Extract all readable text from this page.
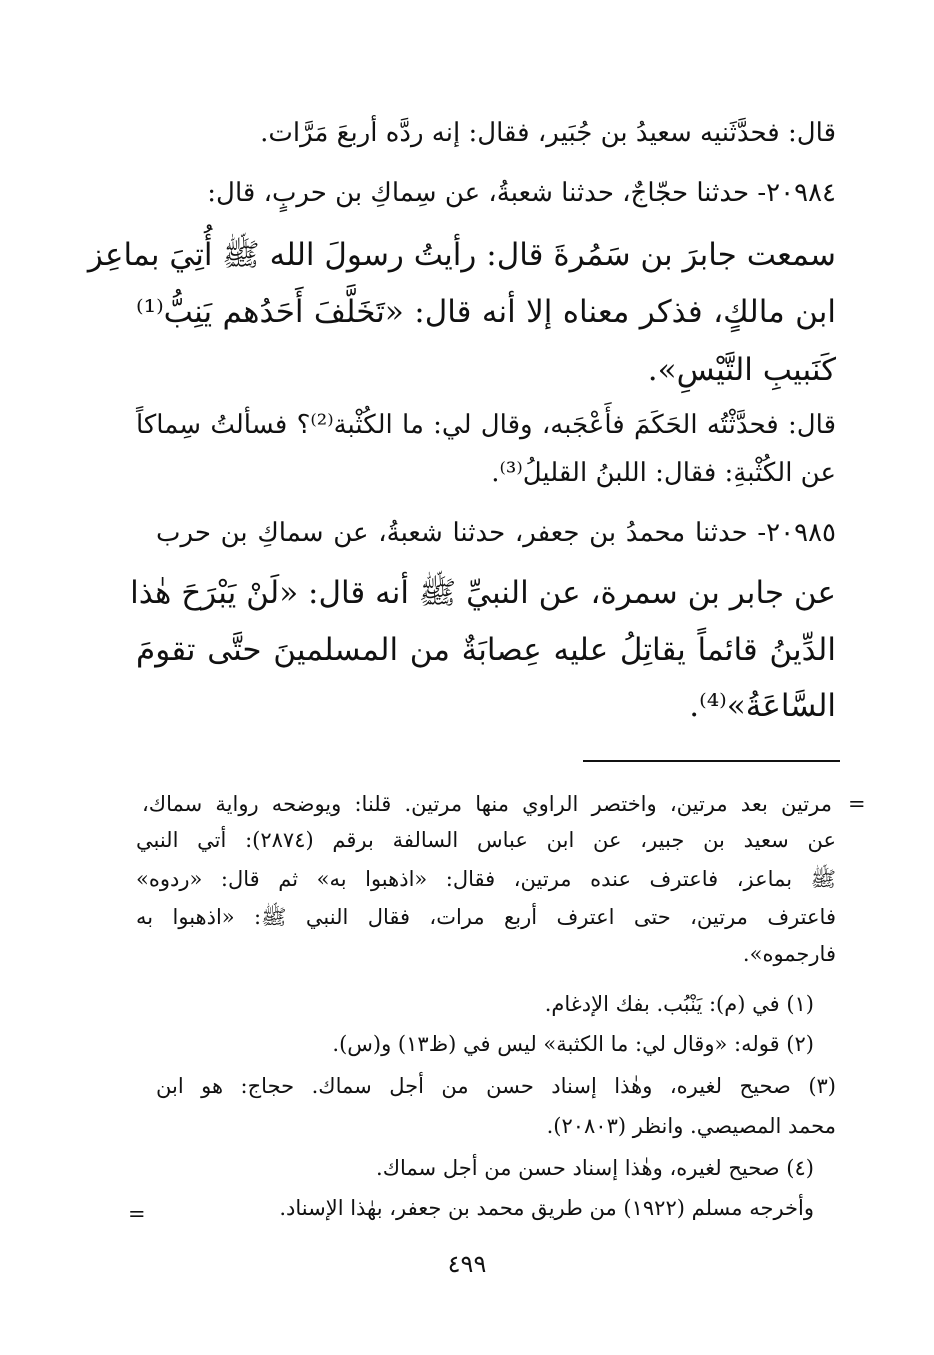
قال: فحدَّثَنيه سعيدُ بن جُبَير، فقال: إنه ردَّه أربعَ مَرَّات.
٢٠٩٨٤- حدثنا حجّاجٌ، حدثنا شعبةُ، عن سِماكِ بن حربٍ، قال:
سمعت جابرَ بن سَمُرةَ قال: رأيتُ رسولَ الله ﷺ أُتِيَ بماعِز
ابن مالكٍ، فذكر معناه إلا أنه قال: «تَخَلَّفَ أَحَدُهم يَنِبُّ⁽¹⁾
كَنَبيبِ التَّيْسِ».
قال: فحدَّثْتُه الحَكَمَ فأَعْجَبه، وقال لي: ما الكُثْبة⁽²⁾؟ فسألتُ سِماكاً
عن الكُثْبةِ: فقال: اللبنُ القليلُ⁽³⁾.
٢٠٩٨٥- حدثنا محمدُ بن جعفر، حدثنا شعبةُ، عن سماكِ بن حرب
عن جابر بن سمرة، عن النبيِّ ﷺ أنه قال: «لَنْ يَبْرَحَ هٰذا
الدِّينُ قائماً يقاتِلُ عليه عِصابَةٌ من المسلمينَ حتَّى تقومَ
السَّاعَةُ»⁽⁴⁾.
=
مرتين بعد مرتين، واختصر الراوي منها مرتين. قلنا: ويوضحه رواية سماك،
عن سعيد بن جبير، عن ابن عباس السالفة برقم (٢٨٧٤): أتي النبي
ﷺ بماعز، فاعترف عنده مرتين، فقال: «اذهبوا به» ثم قال: «ردوه»
فاعترف مرتين، حتى اعترف أربع مرات، فقال النبي ﷺ: «اذهبوا به
فارجموه».
(١) في (م): يَنْبُب. بفك الإدغام.
(٢) قوله: «وقال لي: ما الكثبة» ليس في (ظ١٣) و(س).
(٣) صحيح لغيره، وهٰذا إسناد حسن من أجل سماك. حجاج: هو ابن
محمد المصيصي. وانظر (٢٠٨٠٣).
(٤) صحيح لغيره، وهٰذا إسناد حسن من أجل سماك.
وأخرجه مسلم (١٩٢٢) من طريق محمد بن جعفر، بهٰذا الإسناد.
=
٤٩٩
